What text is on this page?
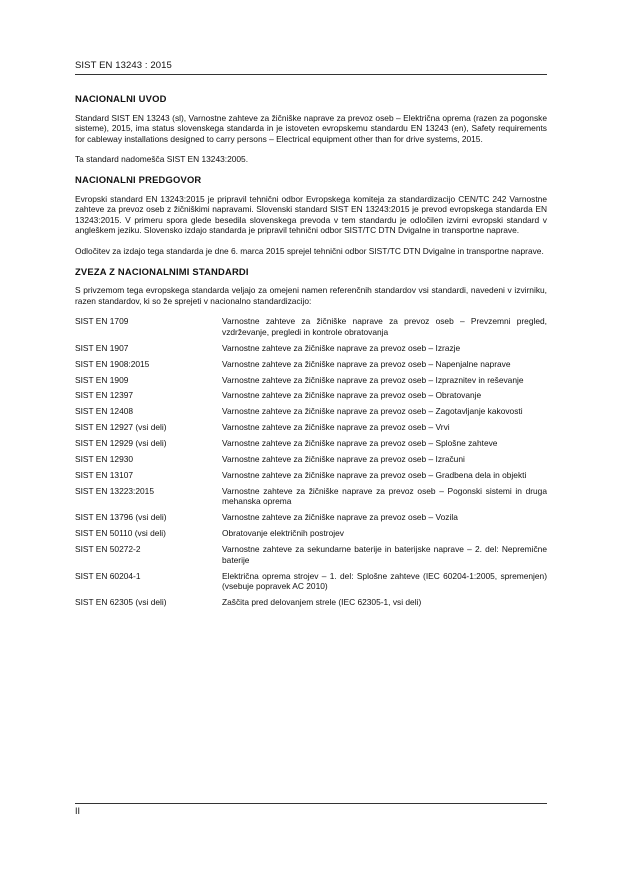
SIST EN 13243 : 2015
NACIONALNI UVOD

Standard SIST EN 13243 (sl), Varnostne zahteve za žičniške naprave za prevoz oseb – Električna oprema (razen za pogonske sisteme), 2015, ima status slovenskega standarda in je istoveten evropskemu standardu EN 13243 (en), Safety requirements for cableway installations designed to carry persons – Electrical equipment other than for drive systems, 2015.

Ta standard nadomešča SIST EN 13243:2005.

NACIONALNI PREDGOVOR

Evropski standard EN 13243:2015 je pripravil tehnični odbor Evropskega komiteja za standardizacijo CEN/TC 242 Varnostne zahteve za prevoz oseb z žičniškimi napravami. Slovenski standard SIST EN 13243:2015 je prevod evropskega standarda EN 13243:2015. V primeru spora glede besedila slovenskega prevoda v tem standardu je odločilen izvirni evropski standard v angleškem jeziku. Slovensko izdajo standarda je pripravil tehnični odbor SIST/TC DTN Dvigalne in transportne naprave.

Odločitev za izdajo tega standarda je dne 6. marca 2015 sprejel tehnični odbor SIST/TC DTN Dvigalne in transportne naprave.

ZVEZA Z NACIONALNIMI STANDARDI

S privzemom tega evropskega standarda veljajo za omejeni namen referenčnih standardov vsi standardi, navedeni v izvirniku, razen standardov, ki so že sprejeti v nacionalno standardizacijo:

SIST EN 1709	Varnostne zahteve za žičniške naprave za prevoz oseb – Prevzemni pregled, vzdrževanje, pregledi in kontrole obratovanja
SIST EN 1907	Varnostne zahteve za žičniške naprave za prevoz oseb – Izrazje
SIST EN 1908:2015	Varnostne zahteve za žičniške naprave za prevoz oseb – Napenjalne naprave
SIST EN 1909	Varnostne zahteve za žičniške naprave za prevoz oseb – Izpraznitev in reševanje
SIST EN 12397	Varnostne zahteve za žičniške naprave za prevoz oseb – Obratovanje
SIST EN 12408	Varnostne zahteve za žičniške naprave za prevoz oseb – Zagotavljanje kakovosti
SIST EN 12927 (vsi deli)	Varnostne zahteve za žičniške naprave za prevoz oseb – Vrvi
SIST EN 12929 (vsi deli)	Varnostne zahteve za žičniške naprave za prevoz oseb – Splošne zahteve
SIST EN 12930	Varnostne zahteve za žičniške naprave za prevoz oseb – Izračuni
SIST EN 13107	Varnostne zahteve za žičniške naprave za prevoz oseb – Gradbena dela in objekti
SIST EN 13223:2015	Varnostne zahteve za žičniške naprave za prevoz oseb – Pogonski sistemi in druga mehanska oprema
SIST EN 13796 (vsi deli)	Varnostne zahteve za žičniške naprave za prevoz oseb – Vozila
SIST EN 50110 (vsi deli)	Obratovanje električnih postrojev
SIST EN 50272-2	Varnostne zahteve za sekundarne baterije in baterijske naprave – 2. del: Nepremične baterije
SIST EN 60204-1	Električna oprema strojev – 1. del: Splošne zahteve (IEC 60204-1:2005, spremenjen) (vsebuje popravek AC 2010)
SIST EN 62305 (vsi deli)	Zaščita pred delovanjem strele (IEC 62305-1, vsi deli)
II
